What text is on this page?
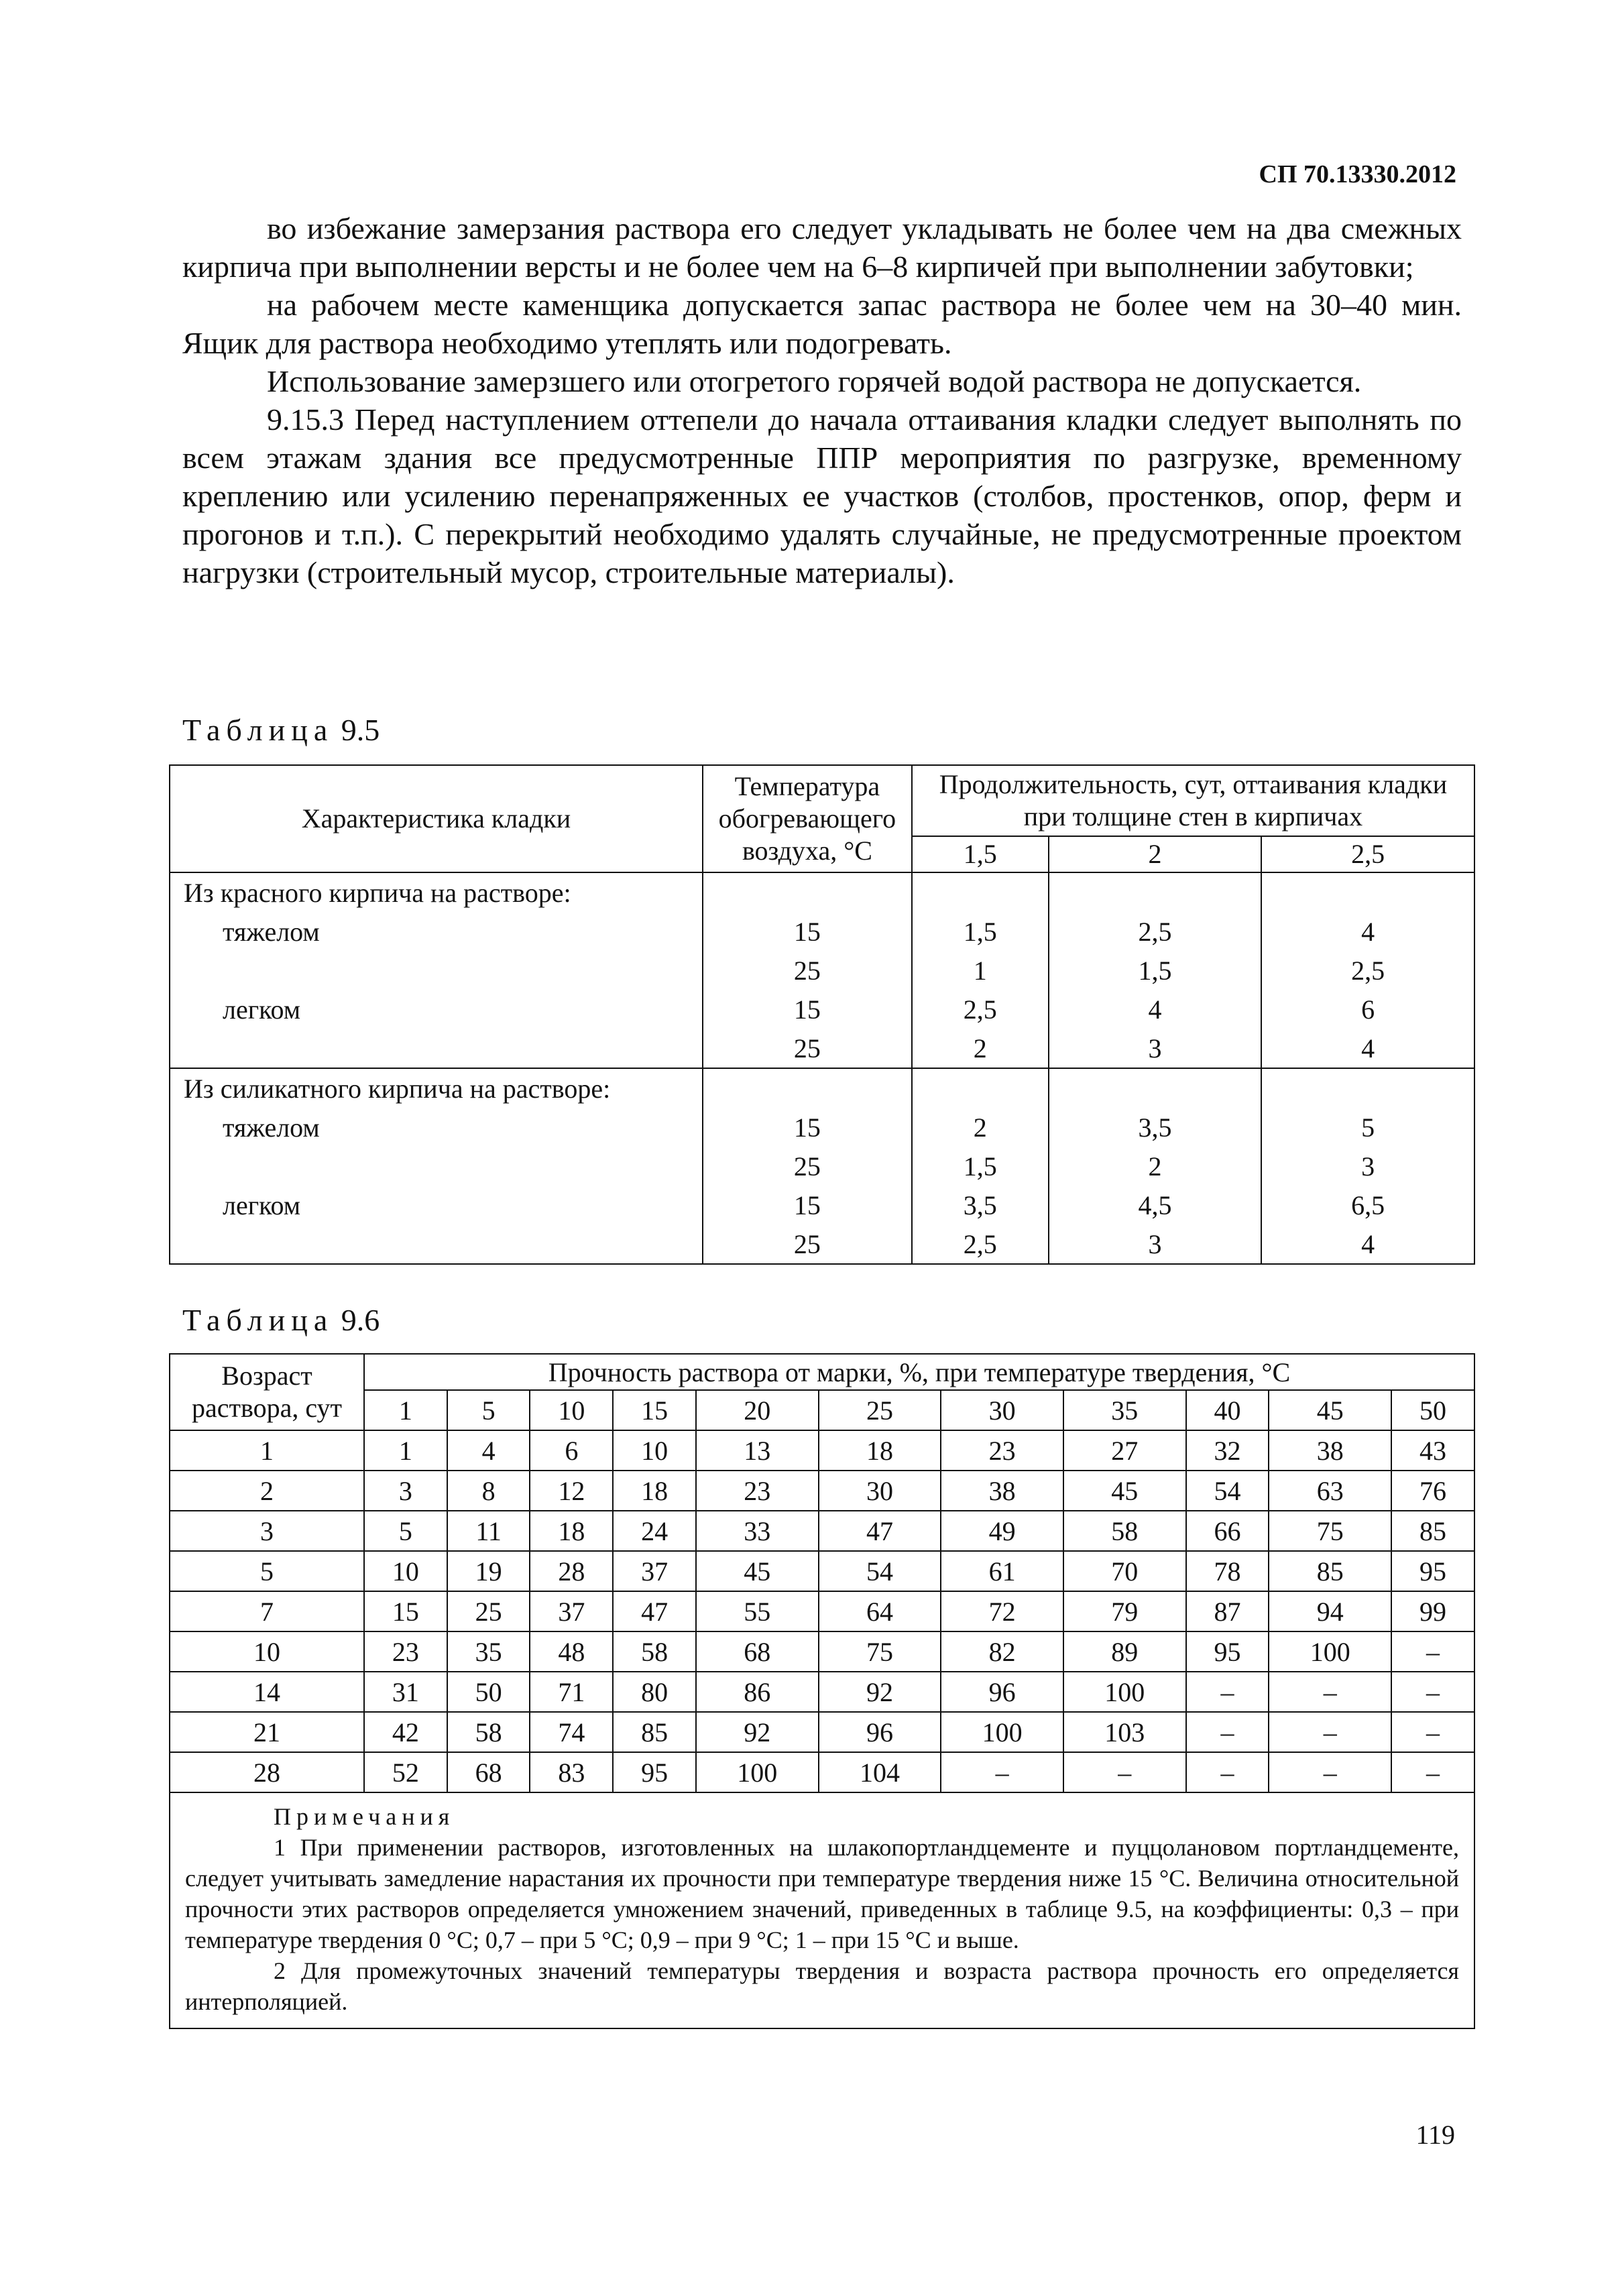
СП 70.13330.2012

во избежание замерзания раствора его следует укладывать не более чем на два смежных кирпича при выполнении версты и не более чем на 6–8 кирпичей при выполнении забутовки;

на рабочем месте каменщика допускается запас раствора не более чем на 30–40 мин. Ящик для раствора необходимо утеплять или подогревать.

Использование замерзшего или отогретого горячей водой раствора не допускается.

9.15.3 Перед наступлением оттепели до начала оттаивания кладки следует выполнять по всем этажам здания все предусмотренные ППР мероприятия по разгрузке, временному креплению или усилению перенапряженных ее участков (столбов, простенков, опор, ферм и прогонов и т.п.). С перекрытий необходимо удалять случайные, не предусмотренные проектом нагрузки (строительный мусор, строительные материалы).

Таблица 9.5
Характеристика кладки	Температура обогревающего воздуха, °С	Продолжительность, сут, оттаивания кладки при толщине стен в кирпичах		
		1,5	2	2,5
Из красного кирпича на растворе:				
тяжелом	15	1,5	2,5	4
	25	1	1,5	2,5
легком	15	2,5	4	6
	25	2	3	4
Из силикатного кирпича на растворе:				
тяжелом	15	2	3,5	5
	25	1,5	2	3
легком	15	3,5	4,5	6,5
	25	2,5	3	4
Таблица 9.6
Возраст раствора, сут	Прочность раствора от марки, %, при температуре твердения, °С										
	1	5	10	15	20	25	30	35	40	45	50
1	1	4	6	10	13	18	23	27	32	38	43
2	3	8	12	18	23	30	38	45	54	63	76
3	5	11	18	24	33	47	49	58	66	75	85
5	10	19	28	37	45	54	61	70	78	85	95
7	15	25	37	47	55	64	72	79	87	94	99
10	23	35	48	58	68	75	82	89	95	100	–
14	31	50	71	80	86	92	96	100	–	–	–
21	42	58	74	85	92	96	100	103	–	–	–
28	52	68	83	95	100	104	–	–	–	–	–

Примечания

1 При применении растворов, изготовленных на шлакопортландцементе и пуццолановом портландцементе, следует учитывать замедление нарастания их прочности при температуре твердения ниже 15 °С. Величина относительной прочности этих растворов определяется умножением значений, приведенных в таблице 9.5, на коэффициенты: 0,3 – при температуре твердения 0 °С; 0,7 – при 5 °С; 0,9 – при 9 °С; 1 – при 15 °С и выше.

2 Для промежуточных значений температуры твердения и возраста раствора прочность его определяется интерполяцией.											

119
